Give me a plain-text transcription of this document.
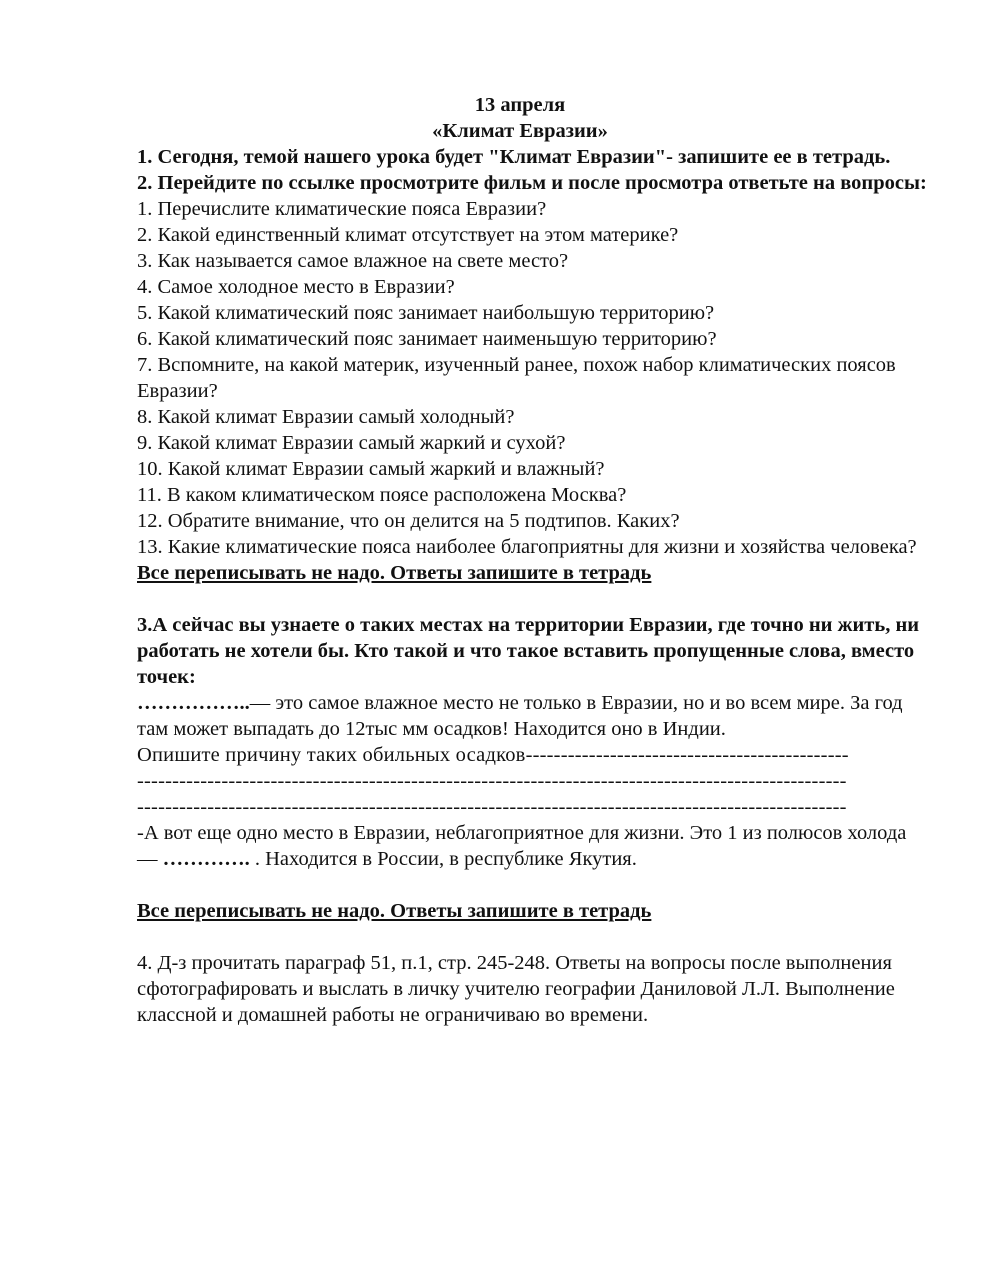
13 апреля

«Климат Евразии»

1. Сегодня, темой нашего урока будет "Климат Евразии"- запишите ее в тетрадь.

2. Перейдите по ссылке просмотрите фильм и после просмотра ответьте на вопросы:

1. Перечислите климатические пояса Евразии?

2. Какой единственный климат отсутствует на этом материке?

3. Как называется самое влажное на свете место?

4. Самое холодное место в Евразии?

5. Какой климатический пояс занимает наибольшую территорию?

6. Какой климатический пояс занимает наименьшую территорию?

7. Вспомните, на какой материк, изученный ранее, похож набор климатических поясов Евразии?

8. Какой климат Евразии самый холодный?

9. Какой климат Евразии самый жаркий и сухой?

10. Какой климат Евразии самый жаркий и влажный?

11. В каком климатическом поясе расположена Москва?

12. Обратите внимание, что он делится на 5 подтипов. Каких?

13. Какие климатические пояса наиболее благоприятны для жизни и хозяйства человека?

Все переписывать не надо. Ответы запишите в тетрадь

3.А сейчас вы узнаете о таких местах на территории Евразии, где точно ни жить, ни работать не хотели бы. Кто такой и что такое вставить пропущенные слова, вместо точек:

……………..— это самое влажное место не только в Евразии, но и во всем мире. За год там может выпадать до 12тыс мм осадков! Находится оно в Индии.

Опишите причину таких обильных осадков----------------------------------------------

-----------------------------------------------------------------------------------------------------

-----------------------------------------------------------------------------------------------------

-А вот еще одно место в Евразии, неблагоприятное для жизни. Это 1 из полюсов холода — …………. . Находится в России, в республике Якутия.

Все переписывать не надо. Ответы запишите в тетрадь

4. Д-з прочитать параграф 51, п.1, стр. 245-248. Ответы на вопросы после выполнения сфотографировать и выслать в личку учителю географии Даниловой Л.Л. Выполнение классной и домашней работы не ограничиваю во времени.
